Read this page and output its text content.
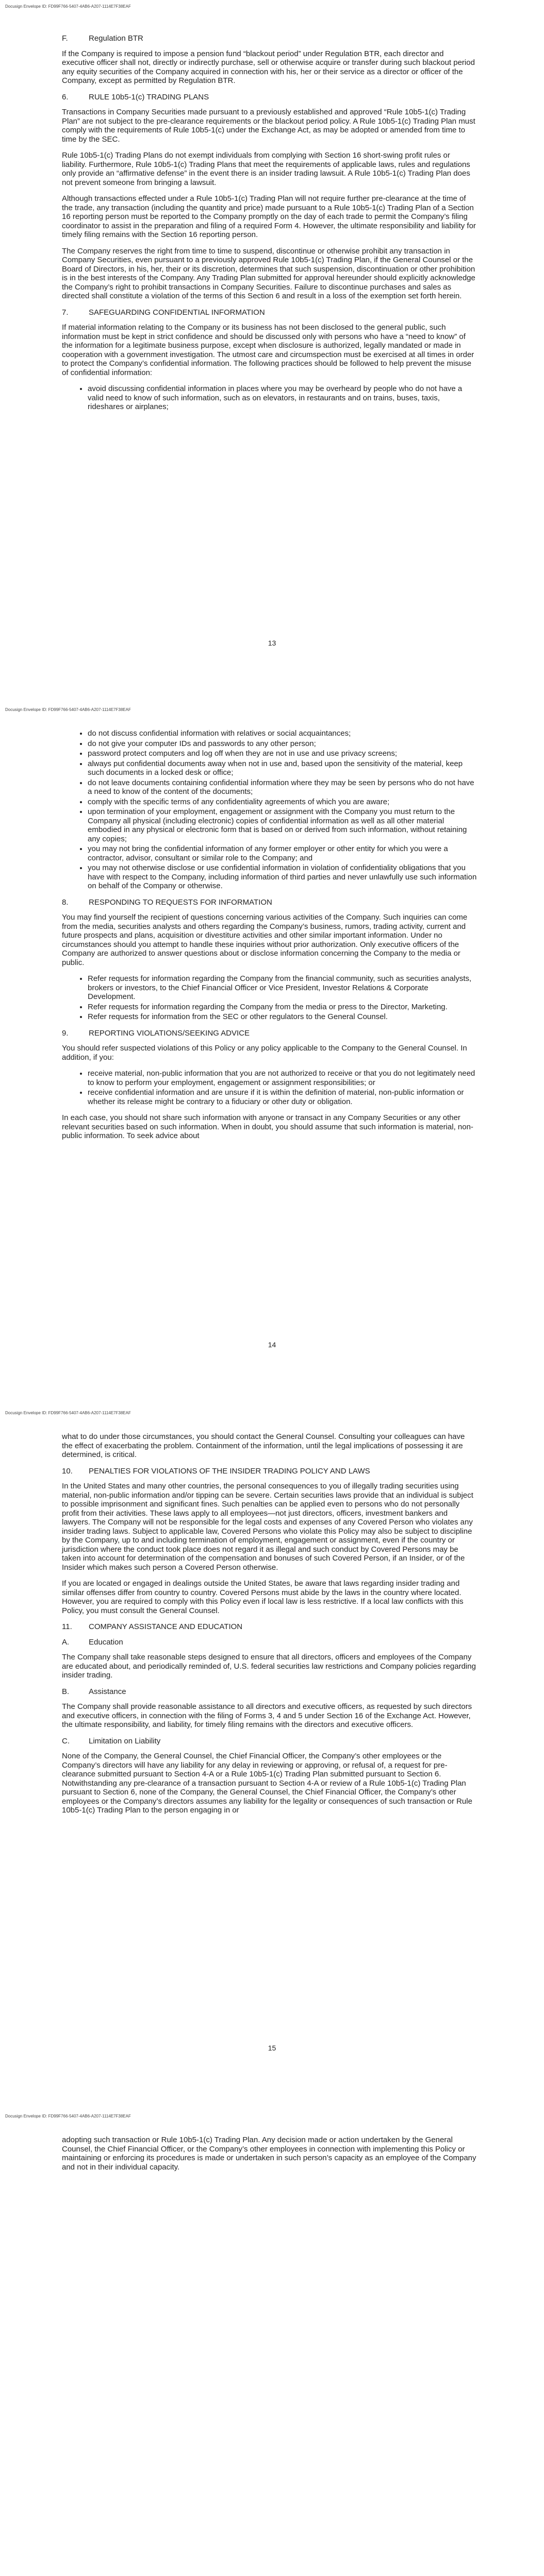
Docusign Envelope ID: FD99F766-5407-4AB6-A207-1114E7F38EAF
F.	Regulation BTR

If the Company is required to impose a pension fund “blackout period” under Regulation BTR, each director and executive officer shall not, directly or indirectly purchase, sell or otherwise acquire or transfer during such blackout period any equity securities of the Company acquired in connection with his, her or their service as a director or officer of the Company, except as permitted by Regulation BTR.

6.	RULE 10b5-1(c) TRADING PLANS

Transactions in Company Securities made pursuant to a previously established and approved “Rule 10b5-1(c) Trading Plan” are not subject to the pre-clearance requirements or the blackout period policy. A Rule 10b5-1(c) Trading Plan must comply with the requirements of Rule 10b5-1(c) under the Exchange Act, as may be adopted or amended from time to time by the SEC.

Rule 10b5-1(c) Trading Plans do not exempt individuals from complying with Section 16 short-swing profit rules or liability. Furthermore, Rule 10b5-1(c) Trading Plans that meet the requirements of applicable laws, rules and regulations only provide an “affirmative defense” in the event there is an insider trading lawsuit. A Rule 10b5-1(c) Trading Plan does not prevent someone from bringing a lawsuit.

Although transactions effected under a Rule 10b5-1(c) Trading Plan will not require further pre-clearance at the time of the trade, any transaction (including the quantity and price) made pursuant to a Rule 10b5-1(c) Trading Plan of a Section 16 reporting person must be reported to the Company promptly on the day of each trade to permit the Company’s filing coordinator to assist in the preparation and filing of a required Form 4. However, the ultimate responsibility and liability for timely filing remains with the Section 16 reporting person.

The Company reserves the right from time to time to suspend, discontinue or otherwise prohibit any transaction in Company Securities, even pursuant to a previously approved Rule 10b5-1(c) Trading Plan, if the General Counsel or the Board of Directors, in his, her, their or its discretion, determines that such suspension, discontinuation or other prohibition is in the best interests of the Company. Any Trading Plan submitted for approval hereunder should explicitly acknowledge the Company’s right to prohibit transactions in Company Securities. Failure to discontinue purchases and sales as directed shall constitute a violation of the terms of this Section 6 and result in a loss of the exemption set forth herein.

7.	SAFEGUARDING CONFIDENTIAL INFORMATION

If material information relating to the Company or its business has not been disclosed to the general public, such information must be kept in strict confidence and should be discussed only with persons who have a “need to know” of the information for a legitimate business purpose, except when disclosure is authorized, legally mandated or made in cooperation with a government investigation. The utmost care and circumspection must be exercised at all times in order to protect the Company’s confidential information. The following practices should be followed to help prevent the misuse of confidential information:

• avoid discussing confidential information in places where you may be overheard by people who do not have a valid need to know of such information, such as on elevators, in restaurants and on trains, buses, taxis, rideshares or airplanes;
13
Docusign Envelope ID: FD99F766-5407-4AB6-A207-1114E7F38EAF
• do not discuss confidential information with relatives or social acquaintances;
• do not give your computer IDs and passwords to any other person;
• password protect computers and log off when they are not in use and use privacy screens;
• always put confidential documents away when not in use and, based upon the sensitivity of the material, keep such documents in a locked desk or office;
• do not leave documents containing confidential information where they may be seen by persons who do not have a need to know of the content of the documents;
• comply with the specific terms of any confidentiality agreements of which you are aware;
• upon termination of your employment, engagement or assignment with the Company you must return to the Company all physical (including electronic) copies of confidential information as well as all other material embodied in any physical or electronic form that is based on or derived from such information, without retaining any copies;
• you may not bring the confidential information of any former employer or other entity for which you were a contractor, advisor, consultant or similar role to the Company; and
• you may not otherwise disclose or use confidential information in violation of confidentiality obligations that you have with respect to the Company, including information of third parties and never unlawfully use such information on behalf of the Company or otherwise.
8.	RESPONDING TO REQUESTS FOR INFORMATION

You may find yourself the recipient of questions concerning various activities of the Company. Such inquiries can come from the media, securities analysts and others regarding the Company’s business, rumors, trading activity, current and future prospects and plans, acquisition or divestiture activities and other similar important information. Under no circumstances should you attempt to handle these inquiries without prior authorization. Only executive officers of the Company are authorized to answer questions about or disclose information concerning the Company to the media or public.

• Refer requests for information regarding the Company from the financial community, such as securities analysts, brokers or investors, to the Chief Financial Officer or Vice President, Investor Relations & Corporate Development.
• Refer requests for information regarding the Company from the media or press to the Director, Marketing.
• Refer requests for information from the SEC or other regulators to the General Counsel.
9.	REPORTING VIOLATIONS/SEEKING ADVICE

You should refer suspected violations of this Policy or any policy applicable to the Company to the General Counsel. In addition, if you:

• receive material, non-public information that you are not authorized to receive or that you do not legitimately need to know to perform your employment, engagement or assignment responsibilities; or
• receive confidential information and are unsure if it is within the definition of material, non-public information or whether its release might be contrary to a fiduciary or other duty or obligation.

In each case, you should not share such information with anyone or transact in any Company Securities or any other relevant securities based on such information. When in doubt, you should assume that such information is material, non-public information. To seek advice about

14
Docusign Envelope ID: FD99F766-5407-4AB6-A207-1114E7F38EAF

what to do under those circumstances, you should contact the General Counsel. Consulting your colleagues can have the effect of exacerbating the problem. Containment of the information, until the legal implications of possessing it are determined, is critical.

10. PENALTIES FOR VIOLATIONS OF THE INSIDER TRADING POLICY AND LAWS

In the United States and many other countries, the personal consequences to you of illegally trading securities using material, non-public information and/or tipping can be severe. Certain securities laws provide that an individual is subject to possible imprisonment and significant fines. Such penalties can be applied even to persons who do not personally profit from their activities. These laws apply to all employees—not just directors, officers, investment bankers and lawyers. The Company will not be responsible for the legal costs and expenses of any Covered Person who violates any insider trading laws. Subject to applicable law, Covered Persons who violate this Policy may also be subject to discipline by the Company, up to and including termination of employment, engagement or assignment, even if the country or jurisdiction where the conduct took place does not regard it as illegal and such conduct by Covered Persons may be taken into account for determination of the compensation and bonuses of such Covered Person, if an Insider, or of the Insider which makes such person a Covered Person otherwise.

If you are located or engaged in dealings outside the United States, be aware that laws regarding insider trading and similar offenses differ from country to country. Covered Persons must abide by the laws in the country where located. However, you are required to comply with this Policy even if local law is less restrictive. If a local law conflicts with this Policy, you must consult the General Counsel.

11. COMPANY ASSISTANCE AND EDUCATION
A.	Education

The Company shall take reasonable steps designed to ensure that all directors, officers and employees of the Company are educated about, and periodically reminded of, U.S. federal securities law restrictions and Company policies regarding insider trading.

B.	Assistance

The Company shall provide reasonable assistance to all directors and executive officers, as requested by such directors and executive officers, in connection with the filing of Forms 3, 4 and 5 under Section 16 of the Exchange Act. However, the ultimate responsibility, and liability, for timely filing remains with the directors and executive officers.

C. Limitation on Liability

None of the Company, the General Counsel, the Chief Financial Officer, the Company’s other employees or the Company’s directors will have any liability for any delay in reviewing or approving, or refusal of, a request for pre-clearance submitted pursuant to Section 4-A or a Rule 10b5-1(c) Trading Plan submitted pursuant to Section 6. Notwithstanding any pre-clearance of a transaction pursuant to Section 4-A or review of a Rule 10b5-1(c) Trading Plan pursuant to Section 6, none of the Company, the General Counsel, the Chief Financial Officer, the Company’s other employees or the Company’s directors assumes any liability for the legality or consequences of such transaction or Rule 10b5-1(c) Trading Plan to the person engaging in or

15
Docusign Envelope ID: FD99F766-5407-4AB6-A207-1114E7F38EAF

adopting such transaction or Rule 10b5-1(c) Trading Plan. Any decision made or action undertaken by the General Counsel, the Chief Financial Officer, or the Company’s other employees in connection with implementing this Policy or maintaining or enforcing its procedures is made or undertaken in such person’s capacity as an employee of the Company and not in their individual capacity.
